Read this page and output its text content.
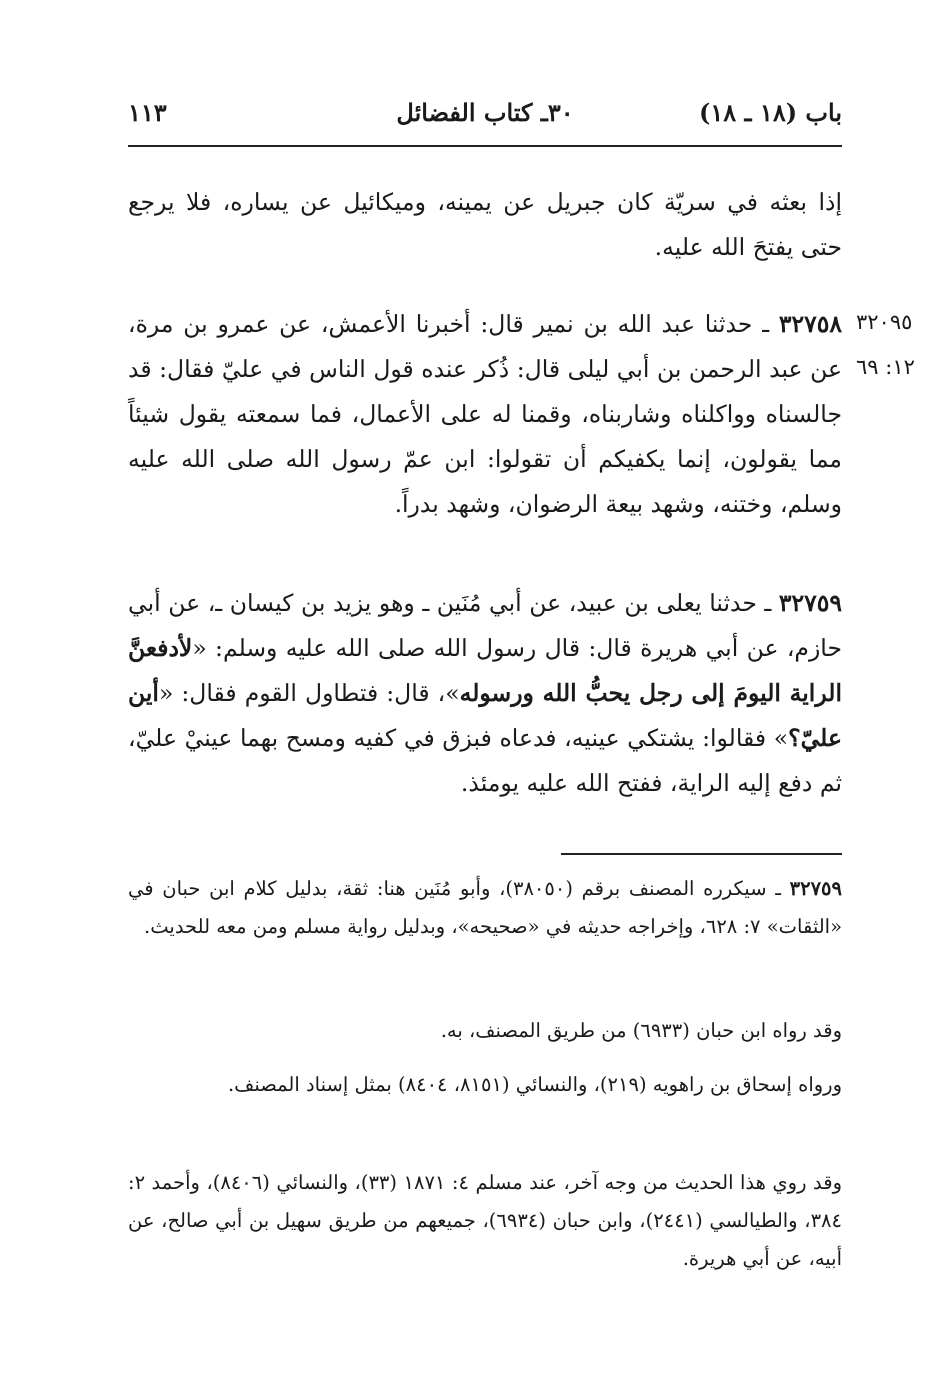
باب (١٨ ـ ١٨)
٣٠ـ كتاب الفضائل
١١٣
إذا بعثه في سريّة كان جبريل عن يمينه، وميكائيل عن يساره، فلا يرجع حتى يفتحَ الله عليه.
٣٢٠٩٥
١٢: ٦٩
٣٢٧٥٨ ـ حدثنا عبد الله بن نمير قال: أخبرنا الأعمش، عن عمرو بن مرة، عن عبد الرحمن بن أبي ليلى قال: ذُكر عنده قول الناس في عليّ فقال: قد جالسناه وواكلناه وشاربناه، وقمنا له على الأعمال، فما سمعته يقول شيئاً مما يقولون، إنما يكفيكم أن تقولوا: ابن عمّ رسول الله صلى الله عليه وسلم، وختنه، وشهد بيعة الرضوان، وشهد بدراً.
٣٢٧٥٩ ـ حدثنا يعلى بن عبيد، عن أبي مُنَين ـ وهو يزيد بن كيسان ـ، عن أبي حازم، عن أبي هريرة قال: قال رسول الله صلى الله عليه وسلم: «لأدفعنَّ الراية اليومَ إلى رجل يحبُّ الله ورسوله»، قال: فتطاول القوم فقال: «أين عليّ؟» فقالوا: يشتكي عينيه، فدعاه فبزق في كفيه ومسح بهما عينيْ عليّ، ثم دفع إليه الراية، ففتح الله عليه يومئذ.
٣٢٧٥٩ ـ سيكرره المصنف برقم (٣٨٠٥٠)، وأبو مُنَين هنا: ثقة، بدليل كلام ابن حبان في «الثقات» ٧: ٦٢٨، وإخراجه حديثه في «صحيحه»، وبدليل رواية مسلم ومن معه للحديث.
وقد رواه ابن حبان (٦٩٣٣) من طريق المصنف، به.
ورواه إسحاق بن راهويه (٢١٩)، والنسائي (٨١٥١، ٨٤٠٤) بمثل إسناد المصنف.
وقد روي هذا الحديث من وجه آخر، عند مسلم ٤: ١٨٧١ (٣٣)، والنسائي (٨٤٠٦)، وأحمد ٢: ٣٨٤، والطيالسي (٢٤٤١)، وابن حبان (٦٩٣٤)، جميعهم من طريق سهيل بن أبي صالح، عن أبيه، عن أبي هريرة.
